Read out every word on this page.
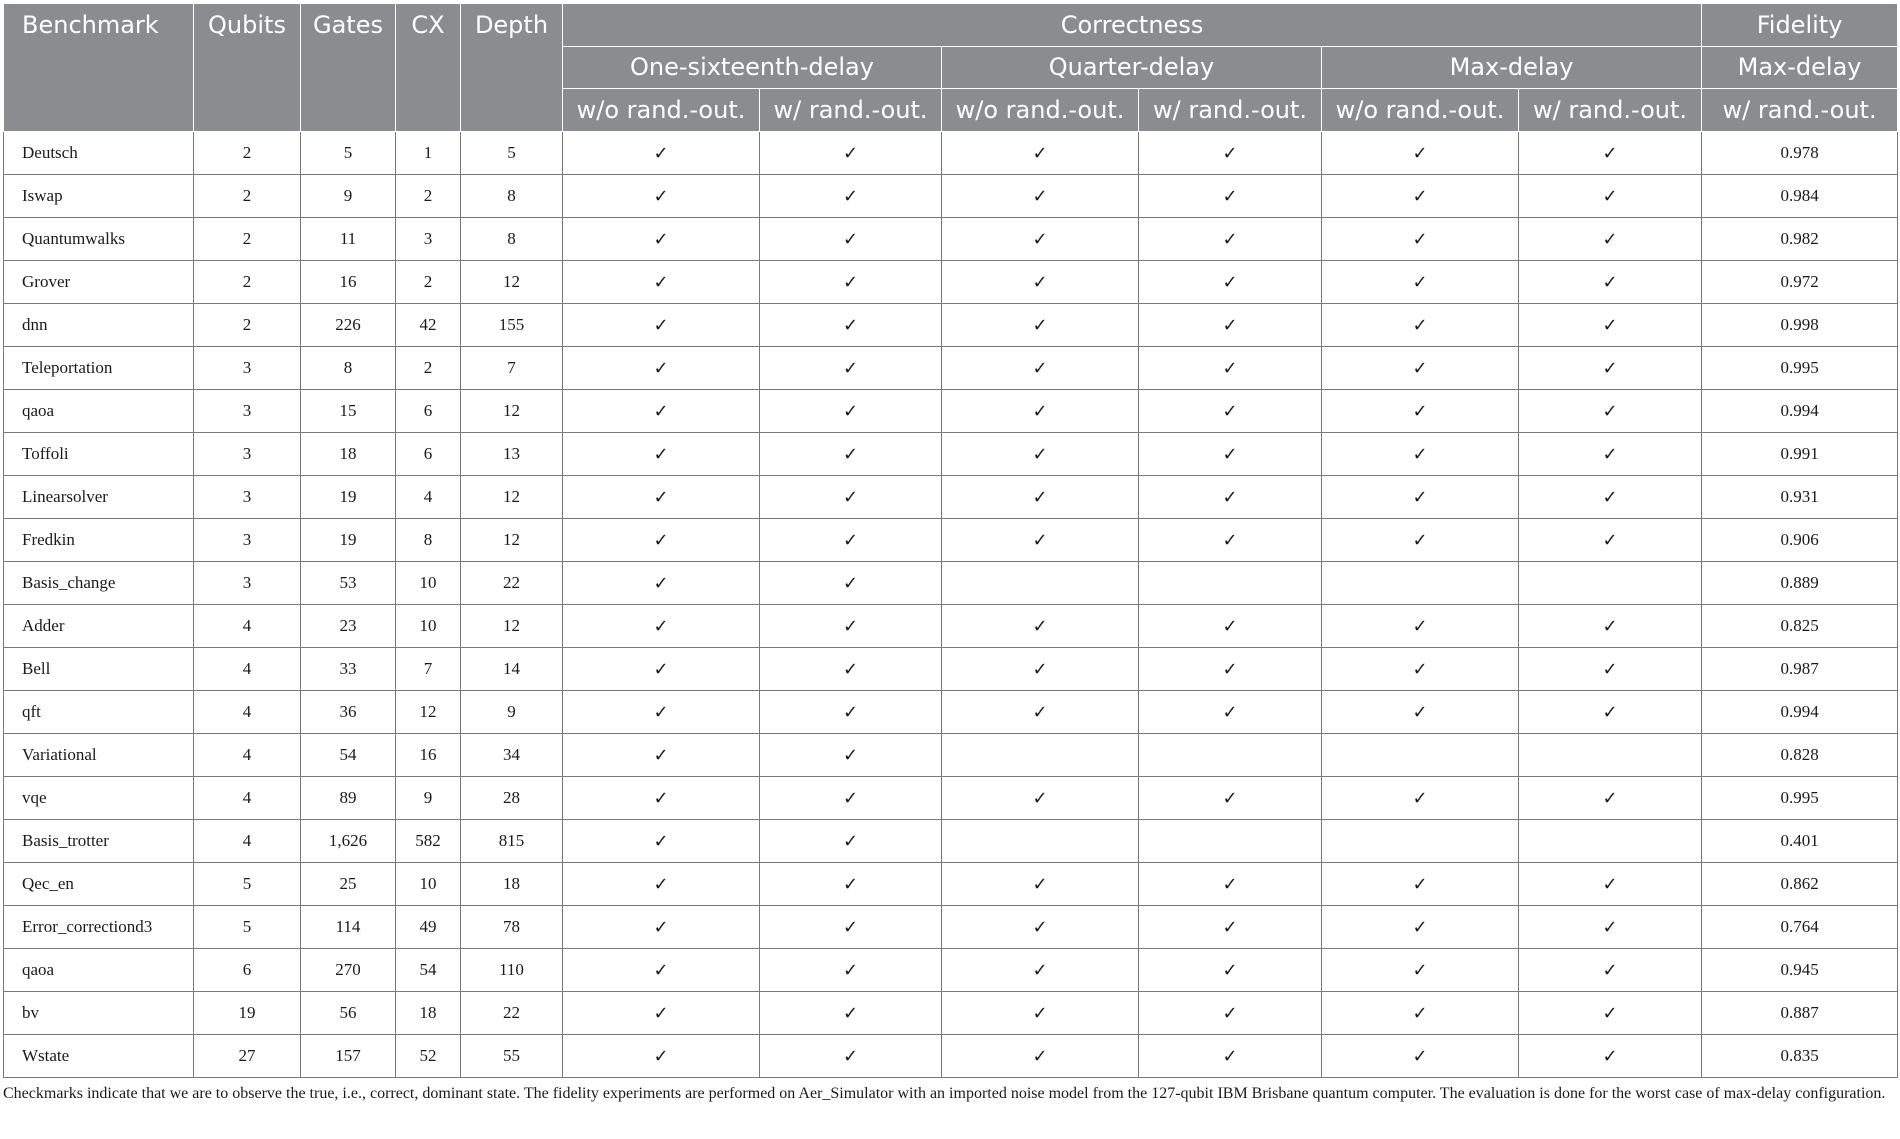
Benchmark	Qubits	Gates	CX	Depth	Correctness						Fidelity
					One-sixteenth-delay		Quarter-delay		Max-delay		Max-delay
					w/o rand.-out.	w/ rand.-out.	w/o rand.-out.	w/ rand.-out.	w/o rand.-out.	w/ rand.-out.	w/ rand.-out.
Deutsch	2	5	1	5	✓	✓	✓	✓	✓	✓	0.978
Iswap	2	9	2	8	✓	✓	✓	✓	✓	✓	0.984
Quantumwalks	2	11	3	8	✓	✓	✓	✓	✓	✓	0.982
Grover	2	16	2	12	✓	✓	✓	✓	✓	✓	0.972
dnn	2	226	42	155	✓	✓	✓	✓	✓	✓	0.998
Teleportation	3	8	2	7	✓	✓	✓	✓	✓	✓	0.995
qaoa	3	15	6	12	✓	✓	✓	✓	✓	✓	0.994
Toffoli	3	18	6	13	✓	✓	✓	✓	✓	✓	0.991
Linearsolver	3	19	4	12	✓	✓	✓	✓	✓	✓	0.931
Fredkin	3	19	8	12	✓	✓	✓	✓	✓	✓	0.906
Basis_change	3	53	10	22	✓	✓					0.889
Adder	4	23	10	12	✓	✓	✓	✓	✓	✓	0.825
Bell	4	33	7	14	✓	✓	✓	✓	✓	✓	0.987
qft	4	36	12	9	✓	✓	✓	✓	✓	✓	0.994
Variational	4	54	16	34	✓	✓					0.828
vqe	4	89	9	28	✓	✓	✓	✓	✓	✓	0.995
Basis_trotter	4	1,626	582	815	✓	✓					0.401
Qec_en	5	25	10	18	✓	✓	✓	✓	✓	✓	0.862
Error_correctiond3	5	114	49	78	✓	✓	✓	✓	✓	✓	0.764
qaoa	6	270	54	110	✓	✓	✓	✓	✓	✓	0.945
bv	19	56	18	22	✓	✓	✓	✓	✓	✓	0.887
Wstate	27	157	52	55	✓	✓	✓	✓	✓	✓	0.835
Checkmarks indicate that we are to observe the true, i.e., correct, dominant state. The fidelity experiments are performed on Aer_Simulator with an imported noise model from the 127-qubit IBM Brisbane quantum computer. The evaluation is done for the worst case of max-delay configuration.
